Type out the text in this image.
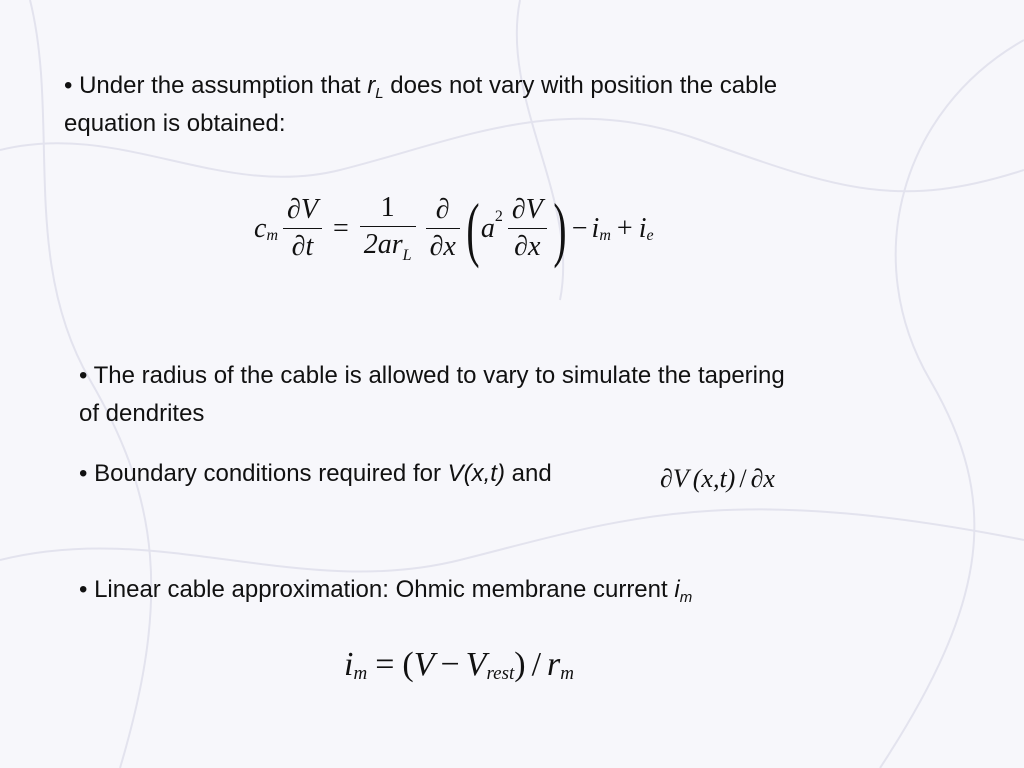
• Under the assumption that $r_L$ does not vary with position the cable
equation is obtained:
c m $\frac{\partial V}{\partial t} = \frac{1}{2ar_L} \frac{\partial}{\partial x}$ ( a $2 \frac{\partial V}{\partial x}$ ) − i m + i e
• The radius of the cable is allowed to vary to simulate the tapering
of dendrites
• Boundary conditions required for V(x,t) and	∂ V (x,t) / ∂x
• Linear cable approximation: Ohmic membrane current $i_m$
i m = ( V − V rest ) / r m
